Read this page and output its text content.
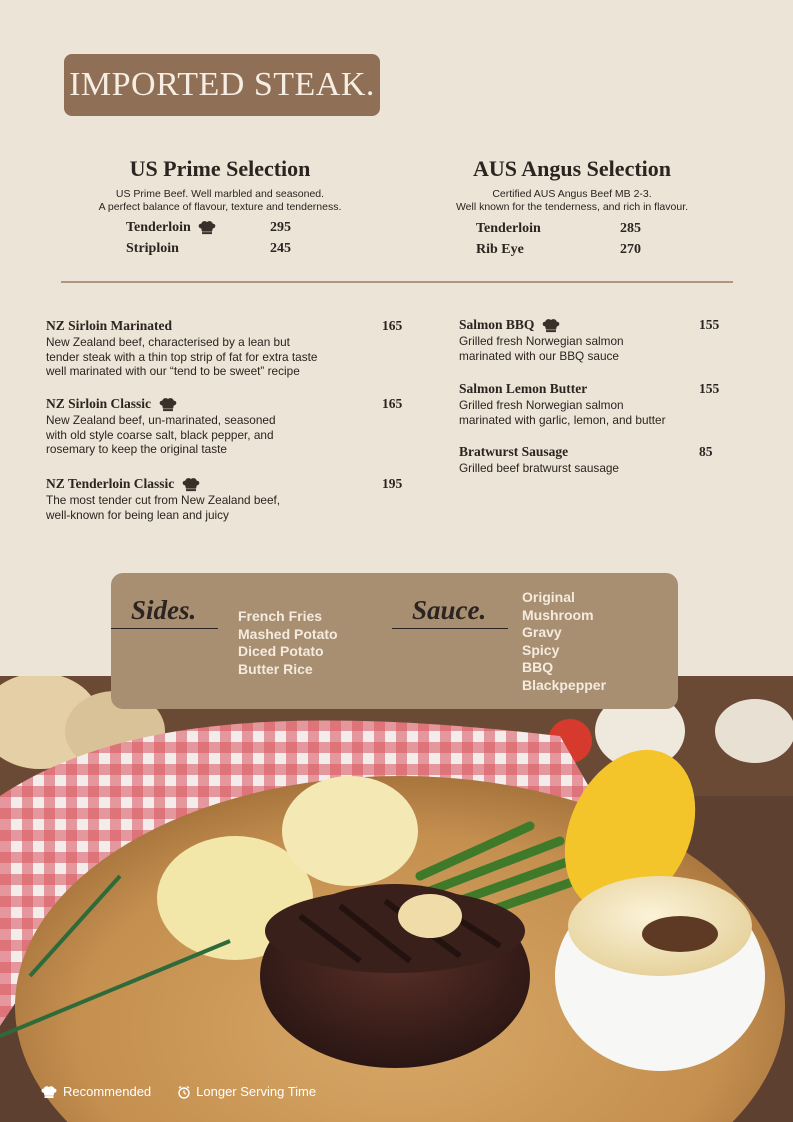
IMPORTED STEAK.
US Prime Selection
US Prime Beef. Well marbled and seasoned.
A perfect balance of flavour, texture and tenderness.
Tenderloin	295
Striploin	245
AUS Angus Selection
Certified AUS Angus Beef MB 2-3.
Well known for the tenderness, and rich in flavour.
Tenderloin	285
Rib Eye	270
NZ Sirloin Marinated	165
New Zealand beef, characterised by a lean but
tender steak with a thin top strip of fat for extra taste
well marinated with our “tend to be sweet” recipe
NZ Sirloin Classic	165
New Zealand beef, un-marinated, seasoned
with old style coarse salt, black pepper, and
rosemary to keep the original taste
NZ Tenderloin Classic	195
The most tender cut from New Zealand beef,
well-known for being lean and juicy
Salmon BBQ	155
Grilled fresh Norwegian salmon
marinated with our BBQ sauce
Salmon Lemon Butter	155
Grilled fresh Norwegian salmon
marinated with garlic, lemon, and butter
Bratwurst Sausage	85
Grilled beef bratwurst sausage
Sides.	French Fries
Mashed Potato
Diced Potato
Butter Rice
Sauce.	Original
Mushroom
Gravy
Spicy
BBQ
Blackpepper
Recommended	Longer Serving Time
